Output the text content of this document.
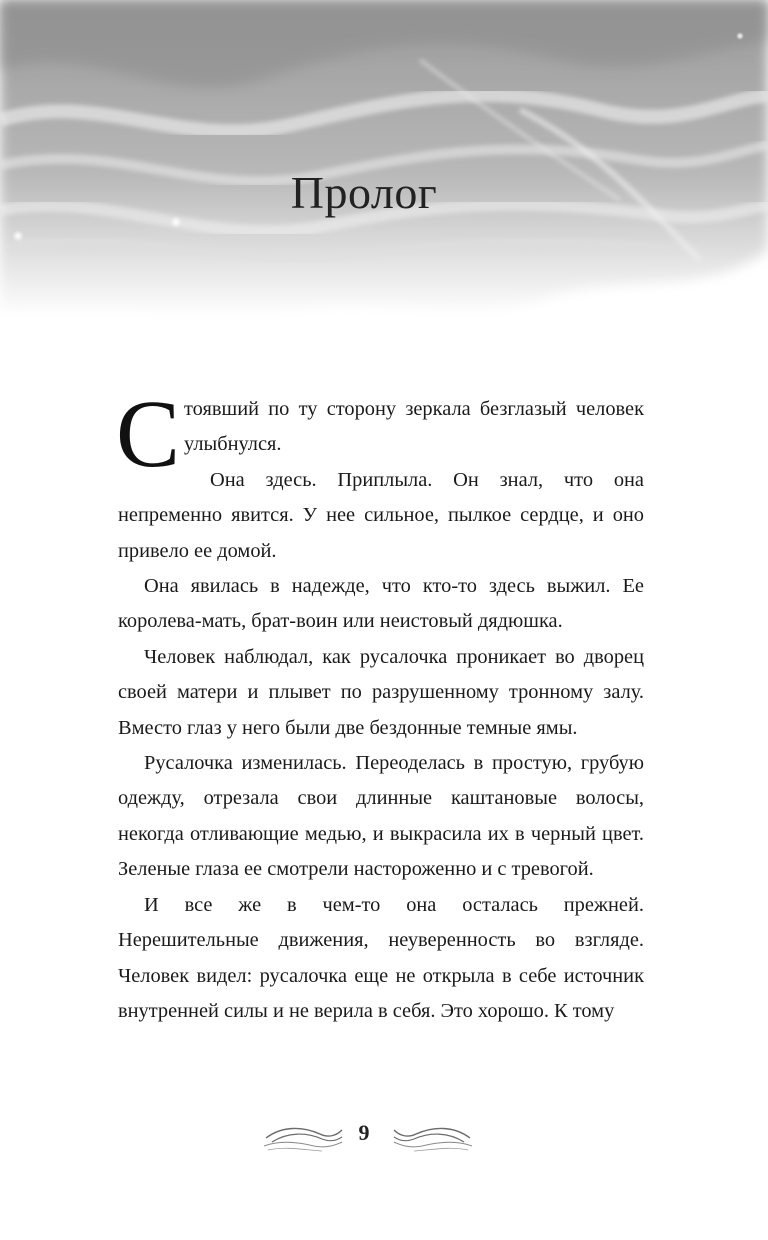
Пролог

Стоявший по ту сторону зеркала безглазый человек улыбнулся.

Она здесь. Приплыла. Он знал, что она непременно явится. У нее сильное, пылкое сердце, и оно привело ее домой.

Она явилась в надежде, что кто-то здесь выжил. Ее королева-мать, брат-воин или неистовый дядюшка.

Человек наблюдал, как русалочка проникает во дворец своей матери и плывет по разрушенному тронному залу. Вместо глаз у него были две бездонные темные ямы.

Русалочка изменилась. Переоделась в простую, грубую одежду, отрезала свои длинные каштановые волосы, некогда отливающие медью, и выкрасила их в черный цвет. Зеленые глаза ее смотрели настороженно и с тревогой.

И все же в чем-то она осталась прежней. Нерешительные движения, неуверенность во взгляде. Человек видел: русалочка еще не открыла в себе источник внутренней силы и не верила в себя. Это хорошо. К тому

9
